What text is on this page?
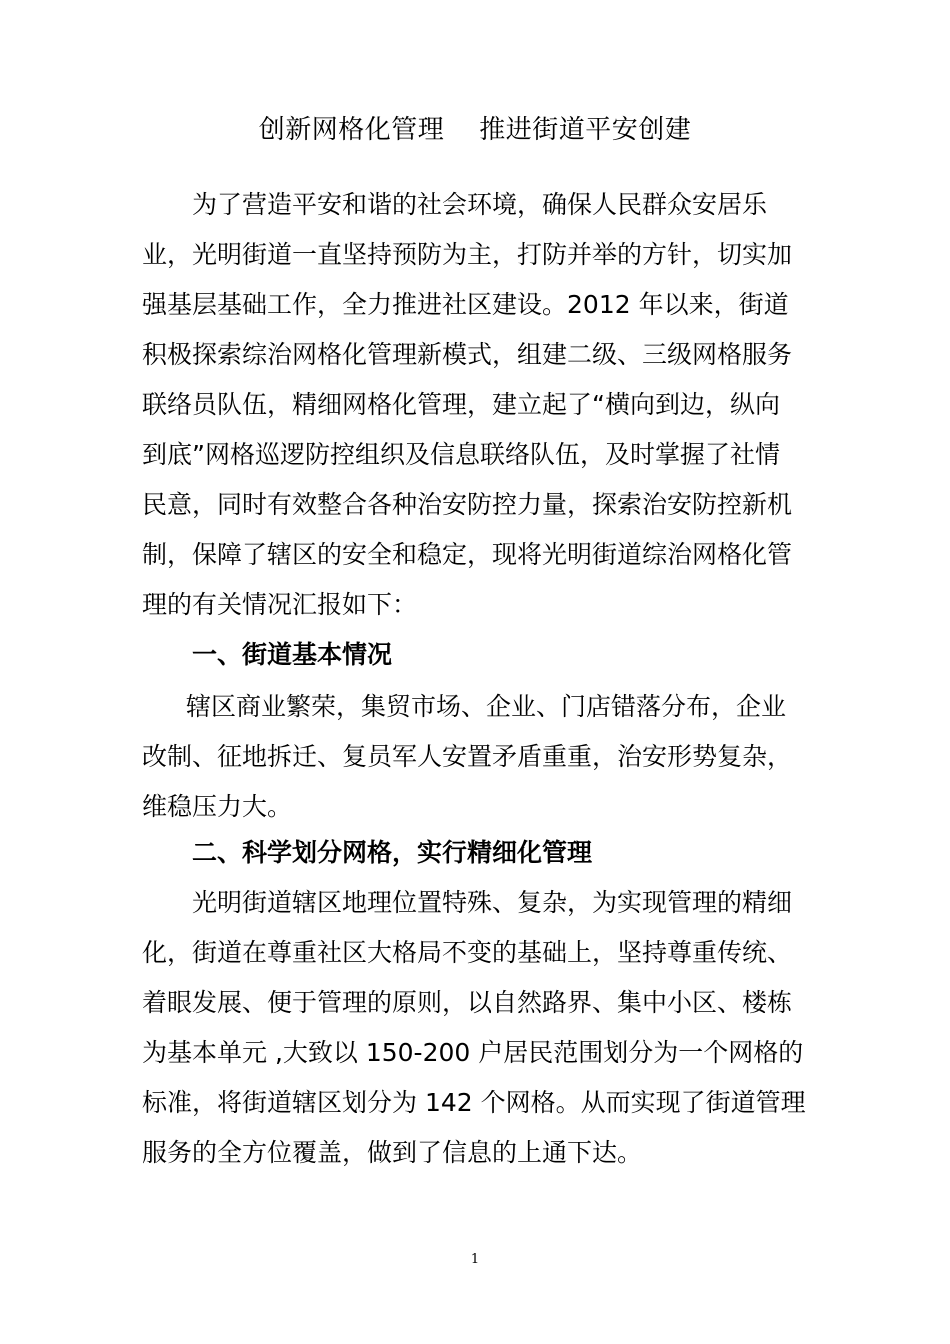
创新网格化管理    推进街道平安创建
为了营造平安和谐的社会环境，确保人民群众安居乐
业，光明街道一直坚持预防为主，打防并举的方针，切实加
强基层基础工作，全力推进社区建设。2012 年以来，街道
积极探索综治网格化管理新模式，组建二级、三级网格服务
联络员队伍，精细网格化管理，建立起了“横向到边，纵向
到底”网格巡逻防控组织及信息联络队伍，及时掌握了社情
民意，同时有效整合各种治安防控力量，探索治安防控新机
制，保障了辖区的安全和稳定，现将光明街道综治网格化管
理的有关情况汇报如下：
一、街道基本情况
辖区商业繁荣，集贸市场、企业、门店错落分布，企业
改制、征地拆迁、复员军人安置矛盾重重，治安形势复杂，
维稳压力大。
二、科学划分网格，实行精细化管理
光明街道辖区地理位置特殊、复杂，为实现管理的精细
化，街道在尊重社区大格局不变的基础上，坚持尊重传统、
着眼发展、便于管理的原则，以自然路界、集中小区、楼栋
为基本单元 ,大致以 150-200 户居民范围划分为一个网格的
标准，将街道辖区划分为 142 个网格。从而实现了街道管理
服务的全方位覆盖，做到了信息的上通下达。
1
